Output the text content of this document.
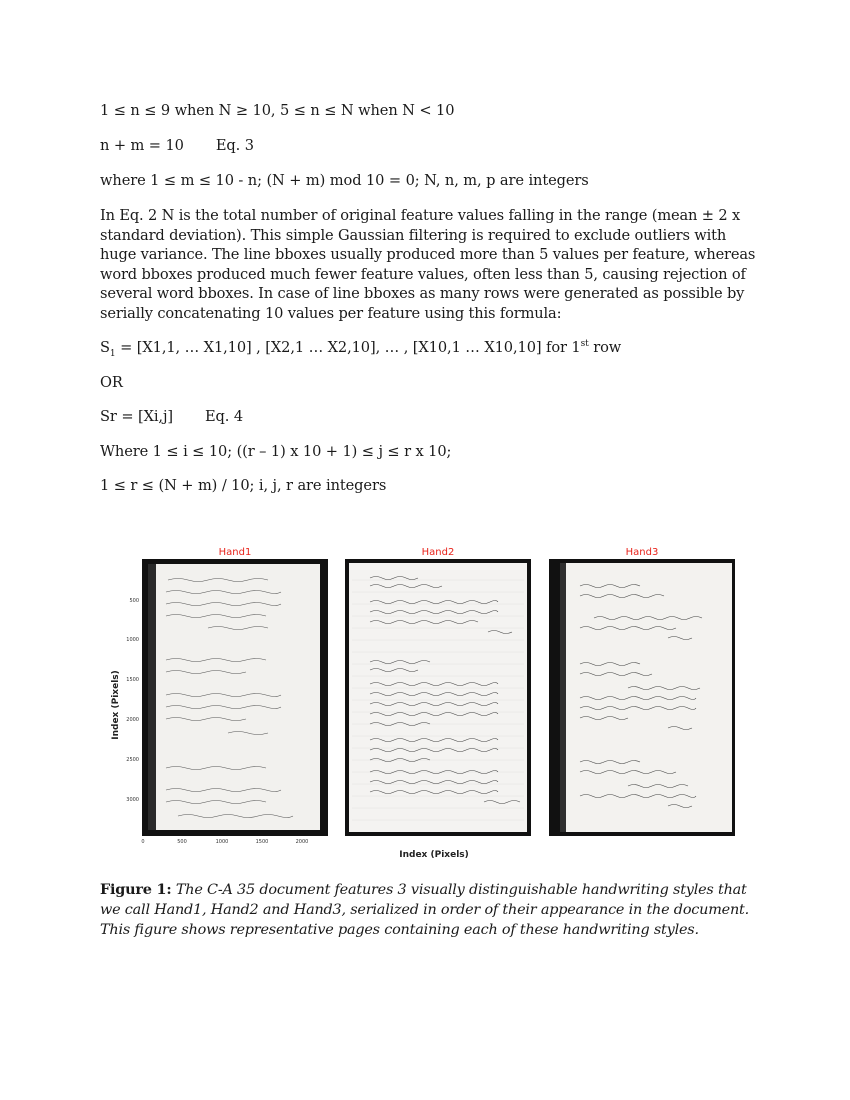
1 ≤ n ≤ 9 when N ≥ 10, 5 ≤ n ≤ N when N < 10
n + m = 10 Eq. 3
where 1 ≤ m ≤ 10 - n; (N + m) mod 10 = 0; N, n, m, p are integers
In Eq. 2 N is the total number of original feature values falling in the range (mean ± 2 x standard deviation). This simple Gaussian filtering is required to exclude outliers with huge variance. The line bboxes usually produced more than 5 values per feature, whereas word bboxes produced much fewer feature values, often less than 5, causing rejection of several word bboxes. In case of line bboxes as many rows were generated as possible by serially concatenating 10 values per feature using this formula:
$S_1 = [X1,1$, … X1,10] , [X2,1 … X2,10], … , [X10,1 … X10,10] for 1st row
OR
Sr = [Xi,j] Eq. 4
Where 1 ≤ i ≤ 10; ((r – 1) x 10 + 1) ≤ j ≤ r x 10;
1 ≤ r ≤ (N + m) / 10; i, j, r are integers
Index (Pixels)
Index (Pixels)
Hand1
500
1000
1500
2000
2500
3000
0	500	1000	1500	2000
Hand2	Hand3
Figure 1: The C-A 35 document features 3 visually distinguishable handwriting styles that we call Hand1, Hand2 and Hand3, serialized in order of their appearance in the document. This figure shows representative pages containing each of these handwriting styles.
